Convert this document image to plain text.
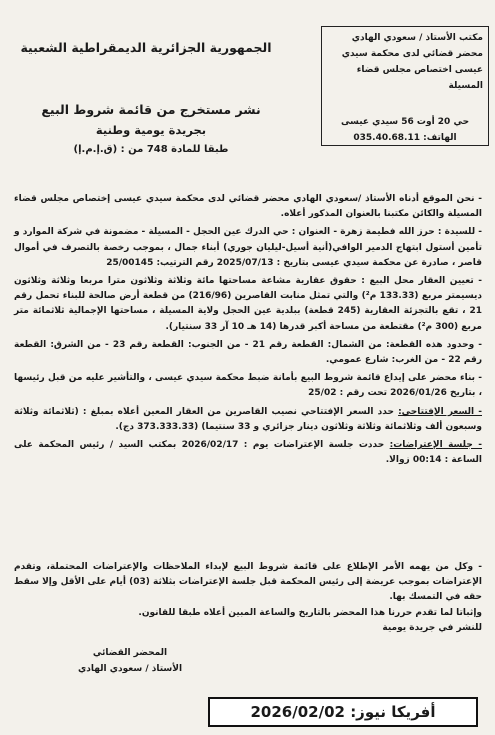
مكتب الأستاذ / سعودي الهادي
محضر قضائي لدى محكمة سيدي
عيسى اختصاص مجلس قضاء المسيلة
حي 20 أوت 56 سيدي عيسى
الهاتف: 035.40.68.11
الجمهورية الجزائرية الديمقراطية الشعبية
نشر مستخرج من قائمة شروط البيع
بجريدة يومية وطنية
طبقا للمادة 748 من : (ق.إ.م.إ)

- نحن الموقع أدناه الأستاذ /سعودي الهادي محضر قضائي لدى محكمة سيدي عيسى إختصاص مجلس قضاء المسيلة والكائن مكتبنا بالعنوان المذكور أعلاه.

- للسيدة : حرز الله فطيمة زهرة - العنوان : حي الدرك عين الحجل - المسيلة - مضمونة في شركة الموارد و تأمين أستول ابتهاج الدمير الوافي(أنية أسيل-ليليان جوري) أبناء جمال ، بموجب رخصة بالتصرف في أموال قاصر ، صادرة عن محكمة سيدي عيسى بتاريخ : 2025/07/13 رقم الترتيب: 25/00145

- تعيين العقار محل البيع : حقوق عقارية مشاعة مساحتها مائة وثلاثة وثلاثون مترا مربعا وثلاثة وثلاثون ديسيمتر مربع (133.33 م²) والتي تمثل منابت القاصرين (216/96) من قطعة أرض صالحة للبناء تحمل رقم 21 ، تقع بالتجزئة العقارية (245 قطعة) ببلدية عين الحجل ولاية المسيلة ، مساحتها الإجمالية ثلاثمائة متر مربع (300 م²) مقتطعة من مساحة أكبر قدرها (14 هـ 10 آر 33 سنتيار).

- وحدود هذه القطعة: من الشمال: القطعة رقم 21 - من الجنوب: القطعة رقم 23 - من الشرق: القطعة رقم 22 - من الغرب: شارع عمومي.

- بناء محضر على إيداع قائمة شروط البيع بأمانة ضبط محكمة سيدي عيسى ، والتأشير عليه من قبل رئيسها ، بتاريخ 2026/01/26 تحت رقم : 25/02

- السعر الإفتتاحي: حدد السعر الإفتتاحي نصيب القاصرين من العقار المعين أعلاه بمبلغ : (ثلاثمائة وثلاثة وسبعون ألف وثلاثمائة وثلاثة وثلاثون دينار جزائري و 33 سنتيما) (373.333.33 دج).

- جلسة الإعتراضات: حددت جلسة الإعتراضات يوم : 2026/02/17 بمكتب السيد / رئيس المحكمة على الساعة : 00:14 زوالا.

- وكل من يهمه الأمر الإطلاع على قائمة شروط البيع لإبداء الملاحظات والإعتراضات المحتملة، وتقدم الإعتراضات بموجب عريضة إلى رئيس المحكمة قبل جلسة الإعتراضات بثلاثة (03) أيام على الأقل وإلا سقط حقه في التمسك بها.

وإثباتا لما تقدم حررنا هذا المحضر بالتاريخ والساعة المبين أعلاه طبقا للقانون.

للنشر في جريدة يومية

المحضر القضائي
الأستاذ / سعودي الهادي
أفريكا نيوز: 2026/02/02
